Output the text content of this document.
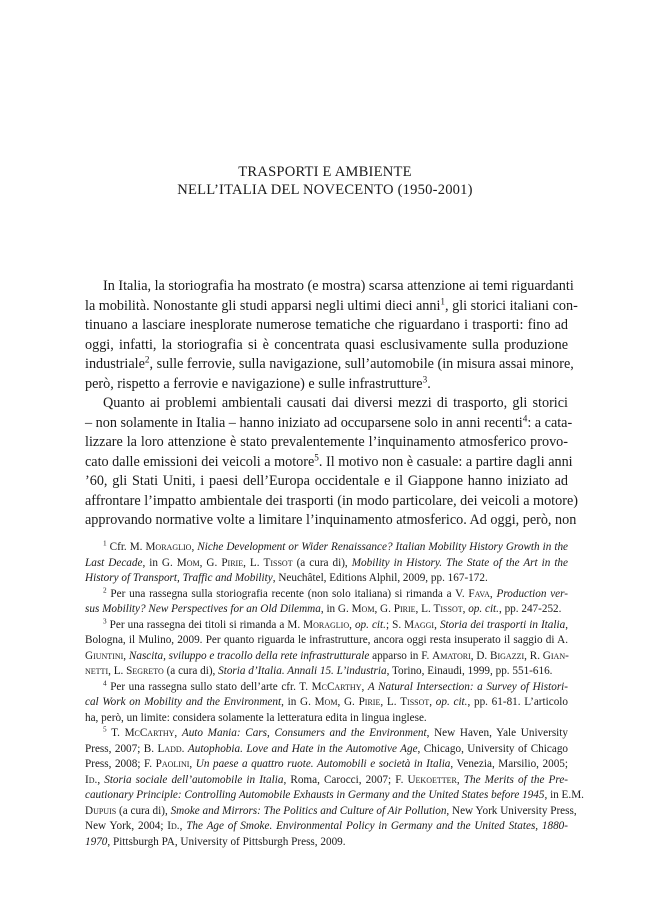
TRASPORTI E AMBIENTE
NELL’ITALIA DEL NOVECENTO (1950-2001)
In Italia, la storiografia ha mostrato (e mostra) scarsa attenzione ai temi riguardanti
la mobilità. Nonostante gli studi apparsi negli ultimi dieci anni$^1$, gli storici italiani con-
tinuano a lasciare inesplorate numerose tematiche che riguardano i trasporti: fino ad
oggi, infatti, la storiografia si è concentrata quasi esclusivamente sulla produzione
industriale$^2$, sulle ferrovie, sulla navigazione, sull’automobile (in misura assai minore,
però, rispetto a ferrovie e navigazione) e sulle infrastrutture$^3$.
Quanto ai problemi ambientali causati dai diversi mezzi di trasporto, gli storici
– non solamente in Italia – hanno iniziato ad occuparsene solo in anni recenti$^4$: a cata-
lizzare la loro attenzione è stato prevalentemente l’inquinamento atmosferico provo-
cato dalle emissioni dei veicoli a motore$^5$. Il motivo non è casuale: a partire dagli anni
’60, gli Stati Uniti, i paesi dell’Europa occidentale e il Giappone hanno iniziato ad
affrontare l’impatto ambientale dei trasporti (in modo particolare, dei veicoli a motore)
approvando normative volte a limitare l’inquinamento atmosferico. Ad oggi, però, non
$^1$ Cfr. M. Moraglio, Niche Development or Wider Renaissance? Italian Mobility History Growth in the
Last Decade, in G. Mom, G. Pirie, L. Tissot (a cura di), Mobility in History. The State of the Art in the
History of Transport, Traffic and Mobility, Neuchâtel, Editions Alphil, 2009, pp. 167-172.
$^2$ Per una rassegna sulla storiografia recente (non solo italiana) si rimanda a V. Fava, Production ver-
sus Mobility? New Perspectives for an Old Dilemma, in G. Mom, G. Pirie, L. Tissot, op. cit., pp. 247-252.
$^3$ Per una rassegna dei titoli si rimanda a M. Moraglio, op. cit.; S. Maggi, Storia dei trasporti in Italia,
Bologna, il Mulino, 2009. Per quanto riguarda le infrastrutture, ancora oggi resta insuperato il saggio di A.
Giuntini, Nascita, sviluppo e tracollo della rete infrastrutturale apparso in F. Amatori, D. Bigazzi, R. Gian-
netti, L. Segreto (a cura di), Storia d’Italia. Annali 15. L’industria, Torino, Einaudi, 1999, pp. 551-616.
$^4$ Per una rassegna sullo stato dell’arte cfr. T. McCarthy, A Natural Intersection: a Survey of Histori-
cal Work on Mobility and the Environment, in G. Mom, G. Pirie, L. Tissot, op. cit., pp. 61-81. L’articolo
ha, però, un limite: considera solamente la letteratura edita in lingua inglese.
$^5$ T. McCarthy, Auto Mania: Cars, Consumers and the Environment, New Haven, Yale University
Press, 2007; B. Ladd. Autophobia. Love and Hate in the Automotive Age, Chicago, University of Chicago
Press, 2008; F. Paolini, Un paese a quattro ruote. Automobili e società in Italia, Venezia, Marsilio, 2005;
Id., Storia sociale dell’automobile in Italia, Roma, Carocci, 2007; F. Uekoetter, The Merits of the Pre-
cautionary Principle: Controlling Automobile Exhausts in Germany and the United States before 1945, in E.M.
Dupuis (a cura di), Smoke and Mirrors: The Politics and Culture of Air Pollution, New York University Press,
New York, 2004; Id., The Age of Smoke. Environmental Policy in Germany and the United States, 1880-
1970, Pittsburgh PA, University of Pittsburgh Press, 2009.
